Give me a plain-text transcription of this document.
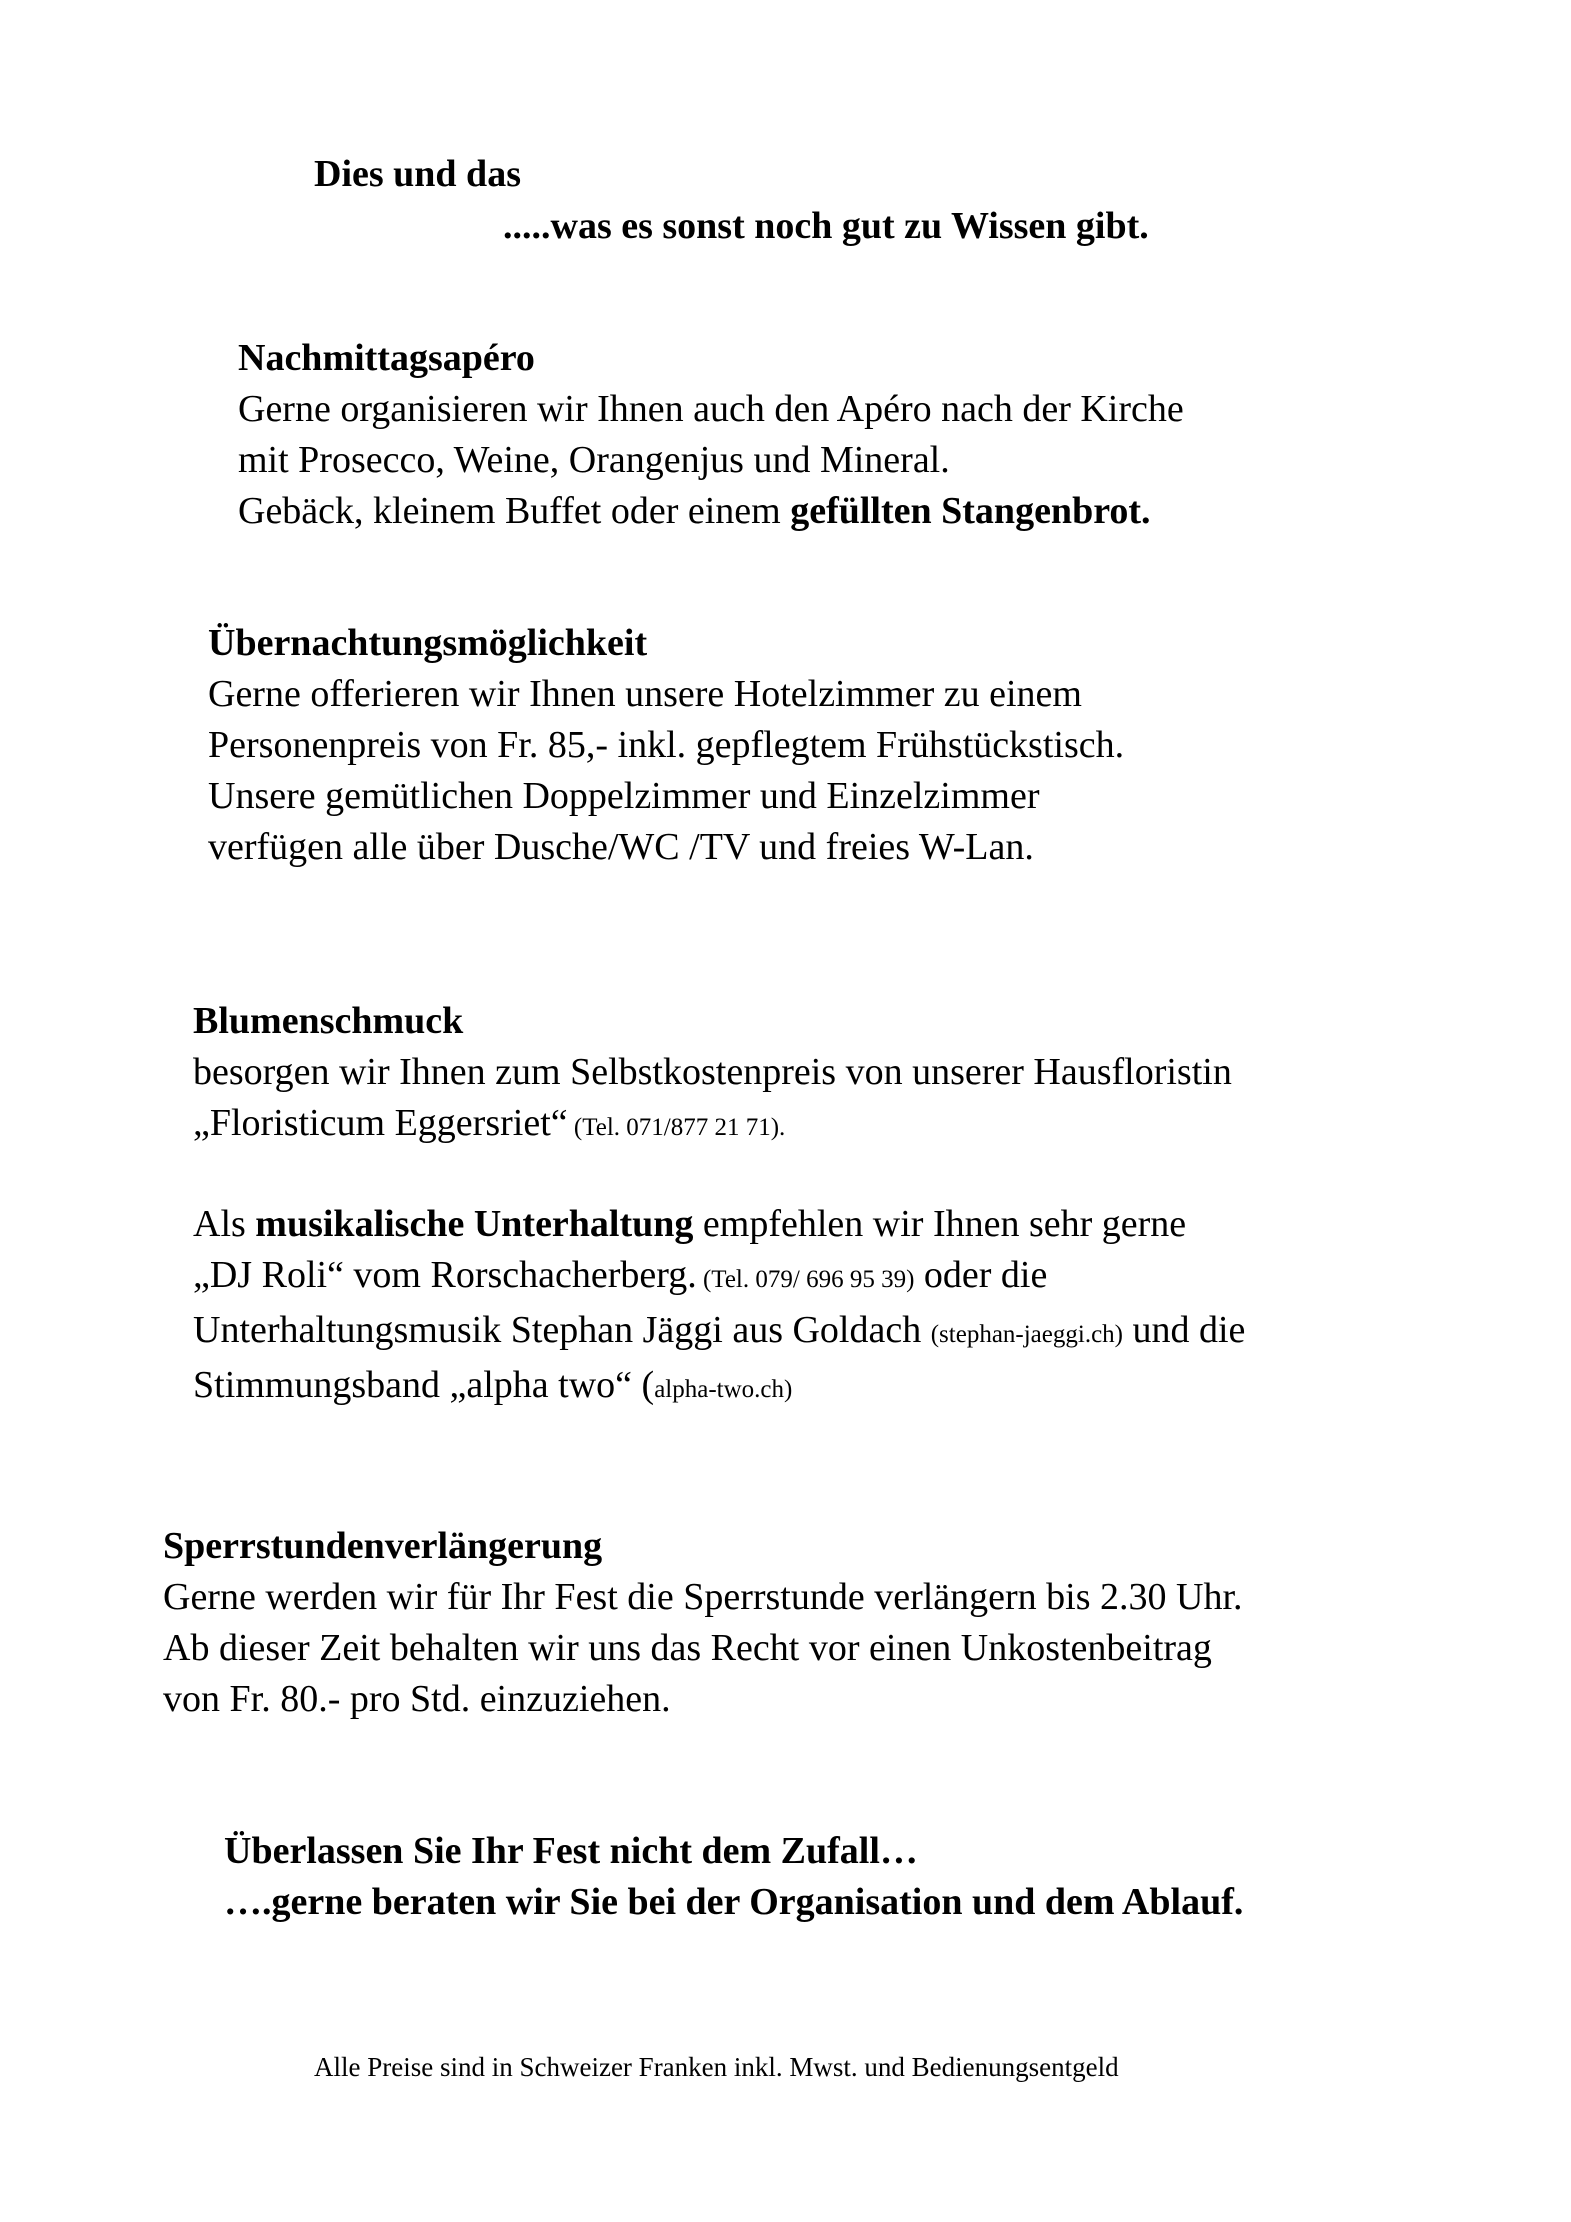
Dies und das
.....was es sonst noch gut zu Wissen gibt.
Nachmittagsapéro
Gerne organisieren wir Ihnen auch den Apéro nach der Kirche
mit Prosecco, Weine, Orangenjus und Mineral.
Gebäck, kleinem Buffet oder einem gefüllten Stangenbrot.
Übernachtungsmöglichkeit
Gerne offerieren wir Ihnen unsere Hotelzimmer zu einem
Personenpreis von Fr. 85,- inkl. gepflegtem Frühstückstisch.
Unsere gemütlichen Doppelzimmer und Einzelzimmer
verfügen alle über Dusche/WC /TV und freies W-Lan.
Blumenschmuck
besorgen wir Ihnen zum Selbstkostenpreis von unserer Hausfloristin
„Floristicum Eggersriet“ (Tel. 071/877 21 71).
Als musikalische Unterhaltung empfehlen wir Ihnen sehr gerne
„DJ Roli“ vom Rorschacherberg. (Tel. 079/ 696 95 39) oder die
Unterhaltungsmusik Stephan Jäggi aus Goldach (stephan-jaeggi.ch) und die
Stimmungsband „alpha two“ (alpha-two.ch)
Sperrstundenverlängerung
Gerne werden wir für Ihr Fest die Sperrstunde verlängern bis 2.30 Uhr.
Ab dieser Zeit behalten wir uns das Recht vor einen Unkostenbeitrag
von Fr. 80.- pro Std. einzuziehen.
Überlassen Sie Ihr Fest nicht dem Zufall…
….gerne beraten wir Sie bei der Organisation und dem Ablauf.
Alle Preise sind in Schweizer Franken inkl. Mwst. und Bedienungsentgeld
